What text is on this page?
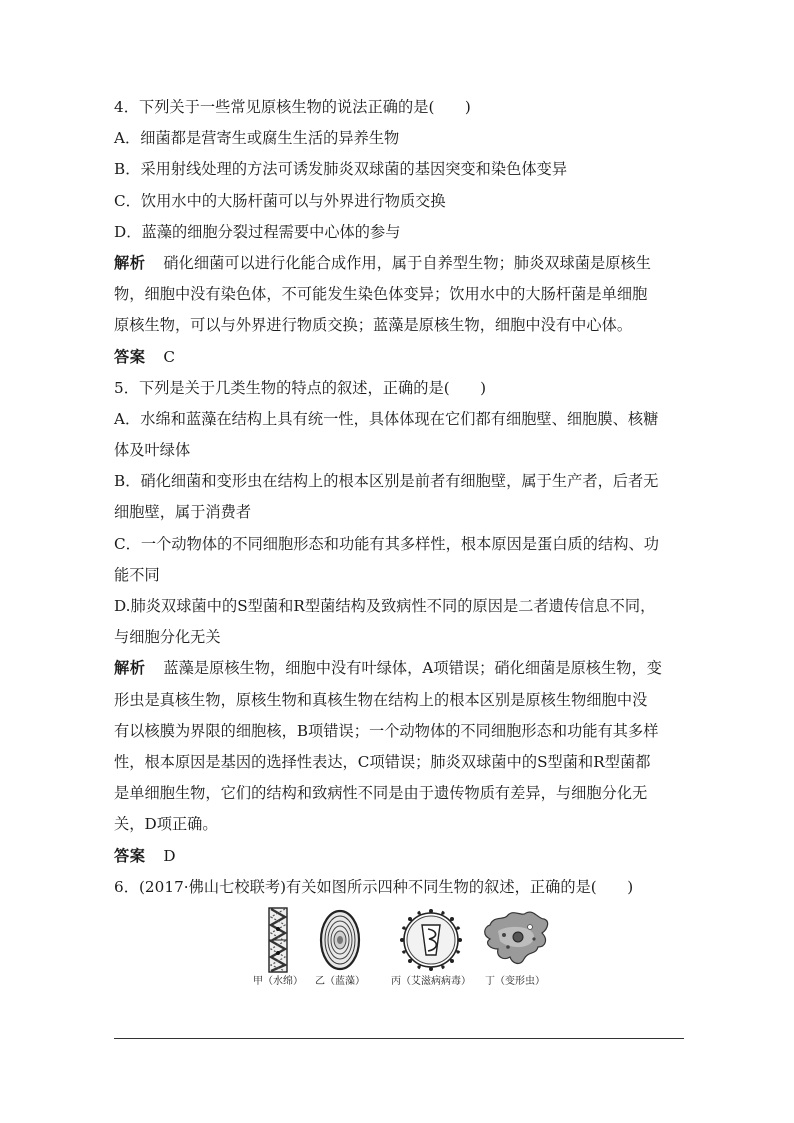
4．下列关于一些常见原核生物的说法正确的是(　　)
A．细菌都是营寄生或腐生生活的异养生物
B．采用射线处理的方法可诱发肺炎双球菌的基因突变和染色体变异
C．饮用水中的大肠杆菌可以与外界进行物质交换
D．蓝藻的细胞分裂过程需要中心体的参与
解析 硝化细菌可以进行化能合成作用，属于自养型生物；肺炎双球菌是原核生
物，细胞中没有染色体，不可能发生染色体变异；饮用水中的大肠杆菌是单细胞
原核生物，可以与外界进行物质交换；蓝藻是原核生物，细胞中没有中心体。
答案 C
5．下列是关于几类生物的特点的叙述，正确的是(　　)
A．水绵和蓝藻在结构上具有统一性，具体体现在它们都有细胞壁、细胞膜、核糖
体及叶绿体
B．硝化细菌和变形虫在结构上的根本区别是前者有细胞壁，属于生产者，后者无
细胞壁，属于消费者
C．一个动物体的不同细胞形态和功能有其多样性，根本原因是蛋白质的结构、功
能不同
D.肺炎双球菌中的S型菌和R型菌结构及致病性不同的原因是二者遗传信息不同，
与细胞分化无关
解析 蓝藻是原核生物，细胞中没有叶绿体，A项错误；硝化细菌是原核生物，变
形虫是真核生物，原核生物和真核生物在结构上的根本区别是原核生物细胞中没
有以核膜为界限的细胞核，B项错误；一个动物体的不同细胞形态和功能有其多样
性，根本原因是基因的选择性表达，C项错误；肺炎双球菌中的S型菌和R型菌都
是单细胞生物，它们的结构和致病性不同是由于遗传物质有差异，与细胞分化无
关，D项正确。
答案 D
6．(2017·佛山七校联考)有关如图所示四种不同生物的叙述，正确的是(　　)
甲（水绵）	乙（蓝藻）	丙（艾滋病病毒）	丁（变形虫）
